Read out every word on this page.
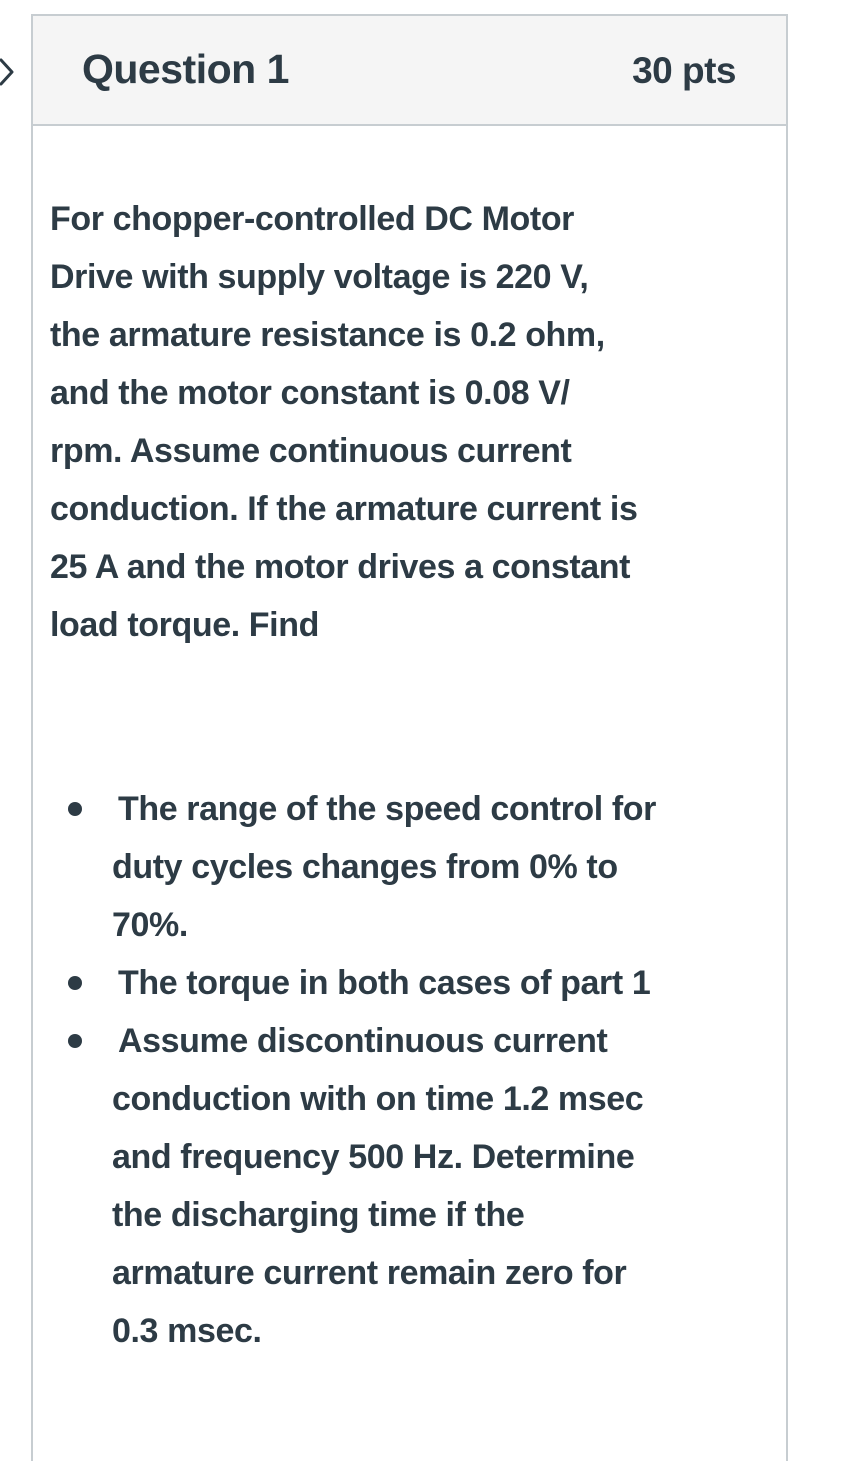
Question 1	30 pts
For chopper-controlled DC Motor
Drive with supply voltage is 220 V,
the armature resistance is 0.2 ohm,
and the motor constant is 0.08 V/
rpm. Assume continuous current
conduction. If the armature current is
25 A and the motor drives a constant
load torque. Find
The range of the speed control for
duty cycles changes from 0% to
70%.
The torque in both cases of part 1
Assume discontinuous current
conduction with on time 1.2 msec
and frequency 500 Hz. Determine
the discharging time if the
armature current remain zero for
0.3 msec.
